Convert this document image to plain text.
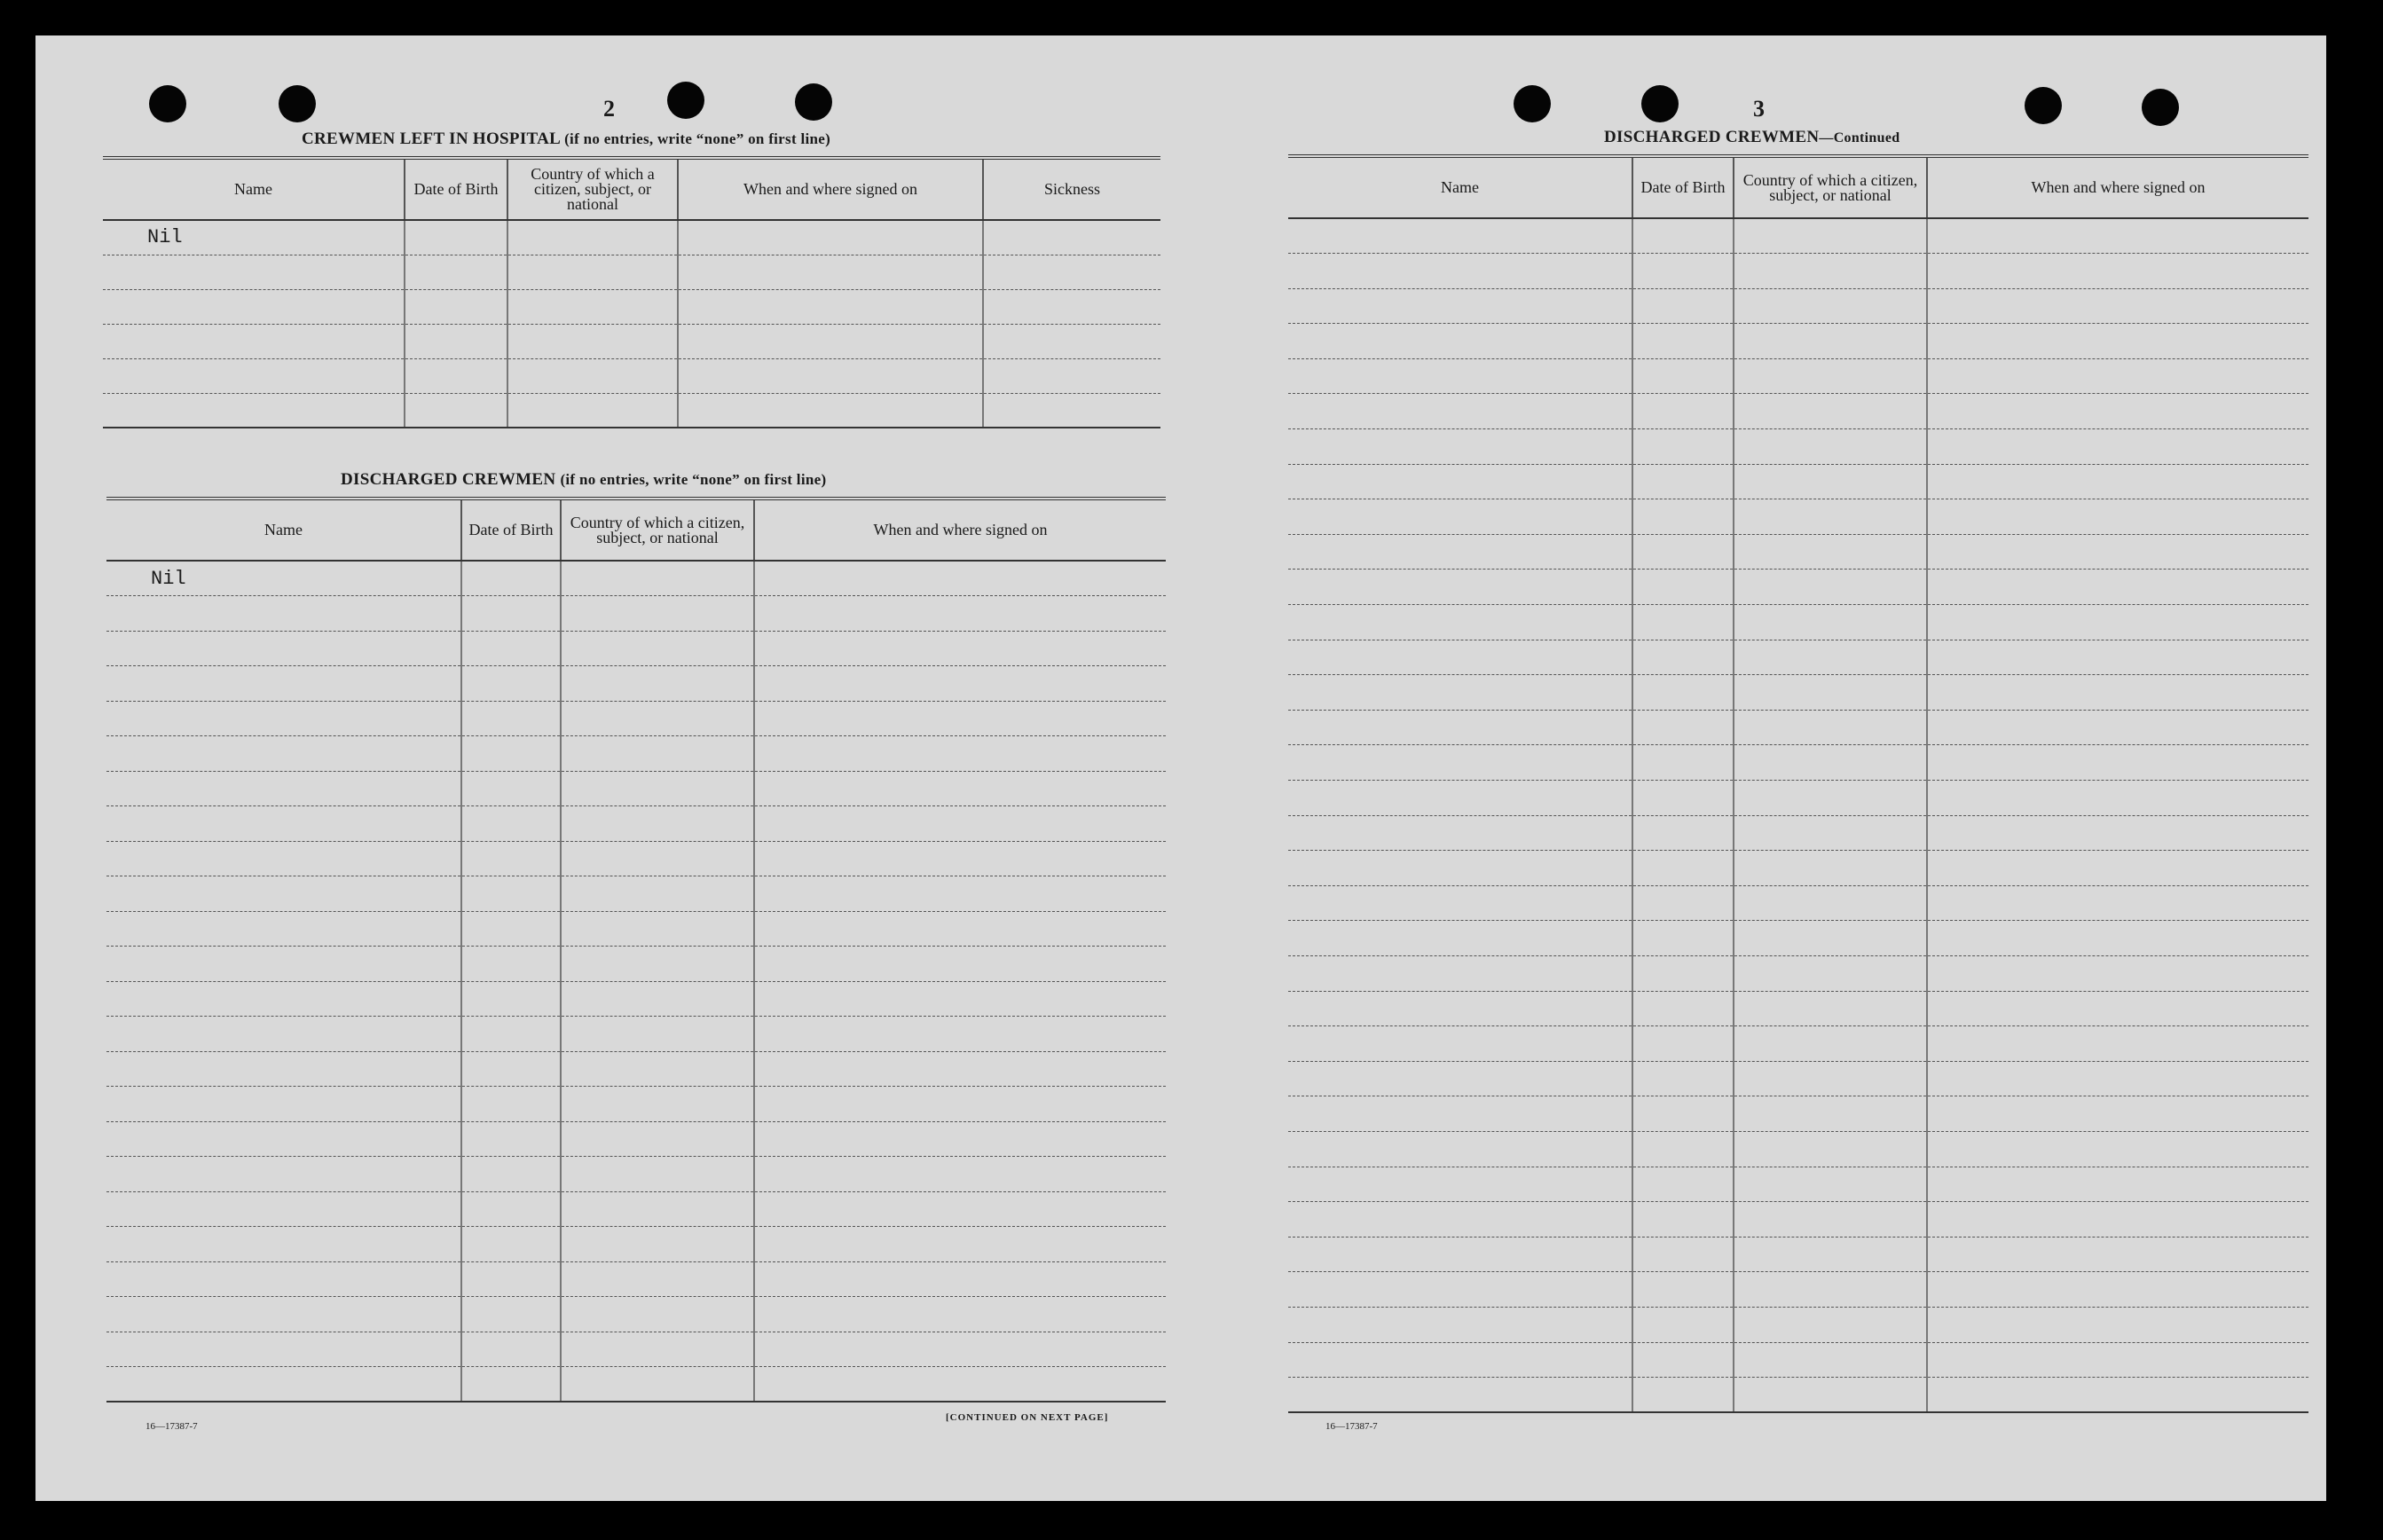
2
CREWMEN LEFT IN HOSPITAL (if no entries, write “none” on first line)
Name	Date of Birth	Country of which a citizen, subject, or national	When and where signed on	Sickness
Nil				

DISCHARGED CREWMEN (if no entries, write “none” on first line)
Name	Date of Birth	Country of which a citizen, subject, or national	When and where signed on
Nil			

16—17387-7
[CONTINUED ON NEXT PAGE]
3
DISCHARGED CREWMEN—Continued
Name	Date of Birth	Country of which a citizen, subject, or national	When and where signed on

16—17387-7
